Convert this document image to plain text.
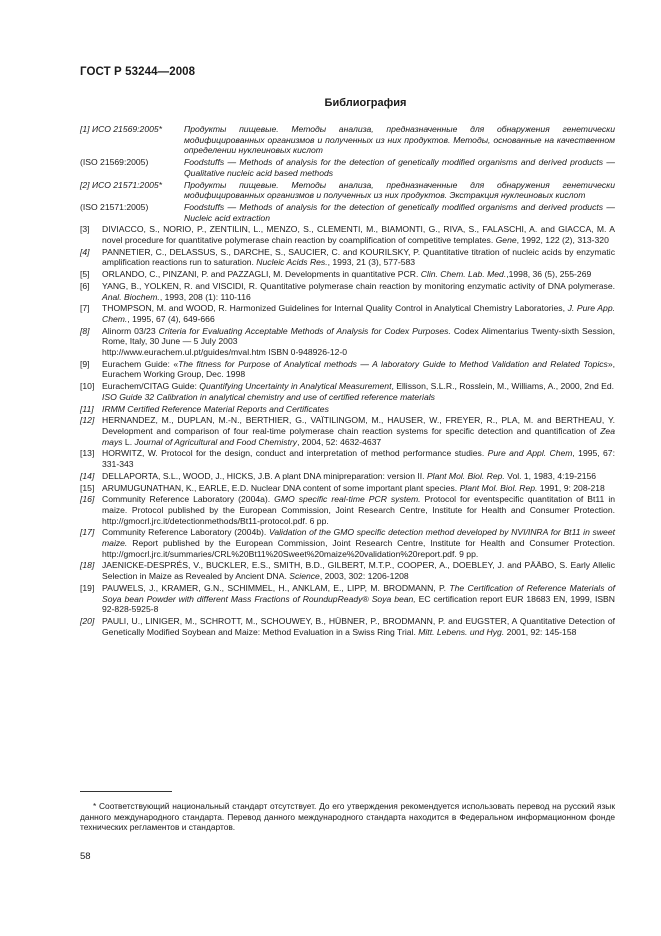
ГОСТ Р 53244—2008
Библиография
[1] ИСО 21569:2005*	Продукты пищевые. Методы анализа, предназначенные для обнаружения генетически модифицированных организмов и полученных из них продуктов. Методы, основанные на качественном определении нуклеиновых кислот
(ISO 21569:2005)	Foodstuffs — Methods of analysis for the detection of genetically modified organisms and derived products — Qualitative nucleic acid based methods
[2] ИСО 21571:2005*	Продукты пищевые. Методы анализа, предназначенные для обнаружения генетически модифицированных организмов и полученных из них продуктов. Экстракция нуклеиновых кислот
(ISO 21571:2005)	Foodstuffs — Methods of analysis for the detection of genetically modified organisms and derived products — Nucleic acid extraction
[3]	DIVIACCO, S., NORIO, P., ZENTILIN, L., MENZO, S., CLEMENTI, M., BIAMONTI, G., RIVA, S., FALASCHI, A. and GIACCA, M. A novel procedure for quantitative polymerase chain reaction by coamplification of competitive templates. Gene, 1992, 122 (2), 313-320
[4]	PANNETIER, C., DELASSUS, S., DARCHE, S., SAUCIER, C. and KOURILSKY, P. Quantitative titration of nucleic acids by enzymatic amplification reactions run to saturation. Nucleic Acids Res., 1993, 21 (3), 577-583
[5]	ORLANDO, C., PINZANI, P. and PAZZAGLI, M. Developments in quantitative PCR. Clin. Chem. Lab. Med.,1998, 36 (5), 255-269
[6]	YANG, B., YOLKEN, R. and VISCIDI, R. Quantitative polymerase chain reaction by monitoring enzymatic activity of DNA polymerase. Anal. Biochem., 1993, 208 (1): 110-116
[7]	THOMPSON, M. and WOOD, R. Harmonized Guidelines for Internal Quality Control in Analytical Chemistry Laboratories, J. Pure App. Chem., 1995, 67 (4), 649-666
[8]	Alinorm 03/23 Criteria for Evaluating Acceptable Methods of Analysis for Codex Purposes. Codex Alimentarius Twenty-sixth Session, Rome, Italy, 30 June — 5 July 2003
http://www.eurachem.ul.pt/guides/mval.htm ISBN 0-948926-12-0
[9]	Eurachem Guide: «The fitness for Purpose of Analytical methods — A laboratory Guide to Method Validation and Related Topics», Eurachem Working Group, Dec. 1998
[10] Eurachem/CITAG Guide: Quantifying Uncertainty in Analytical Measurement, Ellisson, S.L.R., Rosslein, M., Williams, A., 2000, 2nd Ed.
ISO Guide 32 Calibration in analytical chemistry and use of certified reference materials
[11] IRMM Certified Reference Material Reports and Certificates
[12] HERNANDEZ, M., DUPLAN, M.-N., BERTHIER, G., VAÏTILINGOM, M., HAUSER, W., FREYER, R., PLA, M. and BERTHEAU, Y. Development and comparison of four real-time polymerase chain reaction systems for specific detection and quantification of Zea mays L. Journal of Agricultural and Food Chemistry, 2004, 52: 4632-4637
[13] HORWITZ, W. Protocol for the design, conduct and interpretation of method performance studies. Pure and Appl. Chem, 1995, 67: 331-343
[14] DELLAPORTA, S.L., WOOD, J., HICKS, J.B. A plant DNA minipreparation: version II. Plant Mol. Biol. Rep. Vol. 1, 1983, 4:19-2156
[15] ARUMUGUNATHAN, K., EARLE, E.D. Nuclear DNA content of some important plant species. Plant Mol. Biol. Rep. 1991, 9: 208-218
[16] Community Reference Laboratory (2004a). GMO specific real-time PCR system. Protocol for eventspecific quantitation of Bt11 in maize. Protocol published by the European Commission, Joint Research Centre, Institute for Health and Consumer Protection. http://gmocrl.jrc.it/detectionmethods/Bt11-protocol.pdf. 6 pp.
[17] Community Reference Laboratory (2004b). Validation of the GMO specific detection method developed by NVI/INRA for Bt11 in sweet maize. Report published by the European Commission, Joint Research Centre, Institute for Health and Consumer Protection. http://gmocrl.jrc.it/summaries/CRL%20Bt11%20Sweet%20maize%20validation%20report.pdf. 9 pp.
[18] JAENICKE-DESPRÉS, V., BUCKLER, E.S., SMITH, B.D., GILBERT, M.T.P., COOPER, A., DOEBLEY, J. and PÄÄBO, S. Early Allelic Selection in Maize as Revealed by Ancient DNA. Science, 2003, 302: 1206-1208
[19] PAUWELS, J., KRAMER, G.N., SCHIMMEL, H., ANKLAM, E., LIPP, M. BRODMANN, P. The Certification of Reference Materials of Soya bean Powder with different Mass Fractions of RoundupReady® Soya bean, EC certification report EUR 18683 EN, 1999, ISBN 92-828-5925-8
[20] PAULI, U., LINIGER, M., SCHROTT, M., SCHOUWEY, B., HÜBNER, P., BRODMANN, P. and EUGSTER, A Quantitative Detection of Genetically Modified Soybean and Maize: Method Evaluation in a Swiss Ring Trial. Mitt. Lebens. und Hyg. 2001, 92: 145-158
* Соответствующий национальный стандарт отсутствует. До его утверждения рекомендуется использовать перевод на русский язык данного международного стандарта. Перевод данного международного стандарта находится в Федеральном информационном фонде технических регламентов и стандартов.
58
